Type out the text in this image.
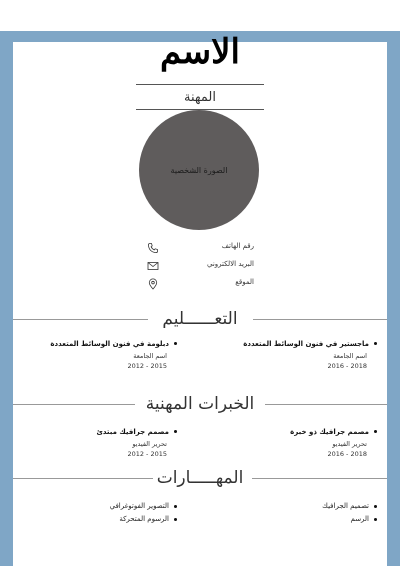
الاسم
المهنة
الصورة الشخصية
رقم الهاتف
البريد الالكتروني
الموقع
التعــــــليم
ماجستير في فنون الوسائط المتعددة
اسم الجامعة
2016 - 2018
دبلومة في فنون الوسائط المتعددة
اسم الجامعة
2012 - 2015
الخبرات المهنية
مصمم جرافيك ذو خبرة
تحرير الفيديو
2016 - 2018
مصمم جرافيك مبتدئ
تحرير الفيديو
2012 - 2015
المهـــــارات
تصميم الجرافيك
الرسم
التصوير الفوتوغرافي
الرسوم المتحركة
